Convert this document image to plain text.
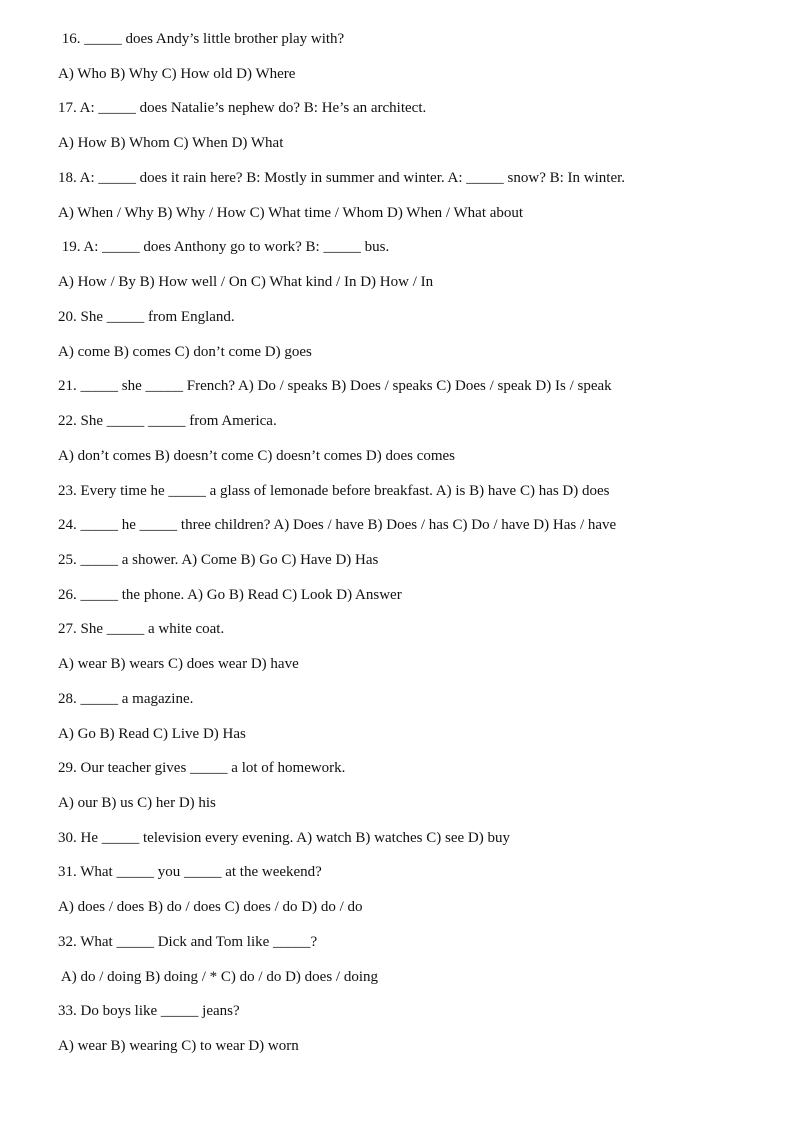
16. _____ does Andy’s little brother play with?
A) Who B) Why C) How old D) Where
17. A: _____ does Natalie’s nephew do? B: He’s an architect.
A) How B) Whom C) When D) What
18. A: _____ does it rain here? B: Mostly in summer and winter. A: _____ snow? B: In winter.
A) When / Why B) Why / How C) What time / Whom D) When / What about
19. A: _____ does Anthony go to work? B: _____ bus.
A) How / By B) How well / On C) What kind / In D) How / In
20. She _____ from England.
A) come B) comes C) don’t come D) goes
21. _____ she _____ French? A) Do / speaks B) Does / speaks C) Does / speak D) Is / speak
22. She _____ _____ from America.
A) don’t comes B) doesn’t come C) doesn’t comes D) does comes
23. Every time he _____ a glass of lemonade before breakfast. A) is B) have C) has D) does
24. _____ he _____ three children? A) Does / have B) Does / has C) Do / have D) Has / have
25. _____ a shower. A) Come B) Go C) Have D) Has
26. _____ the phone. A) Go B) Read C) Look D) Answer
27. She _____ a white coat.
A) wear B) wears C) does wear D) have
28. _____ a magazine.
A) Go B) Read C) Live D) Has
29. Our teacher gives _____ a lot of homework.
A) our B) us C) her D) his
30. He _____ television every evening. A) watch B) watches C) see D) buy
31. What _____ you _____ at the weekend?
A) does / does B) do / does C) does / do D) do / do
32. What _____ Dick and Tom like _____?
A) do / doing B) doing / * C) do / do D) does / doing
33. Do boys like _____ jeans?
A) wear B) wearing C) to wear D) worn
